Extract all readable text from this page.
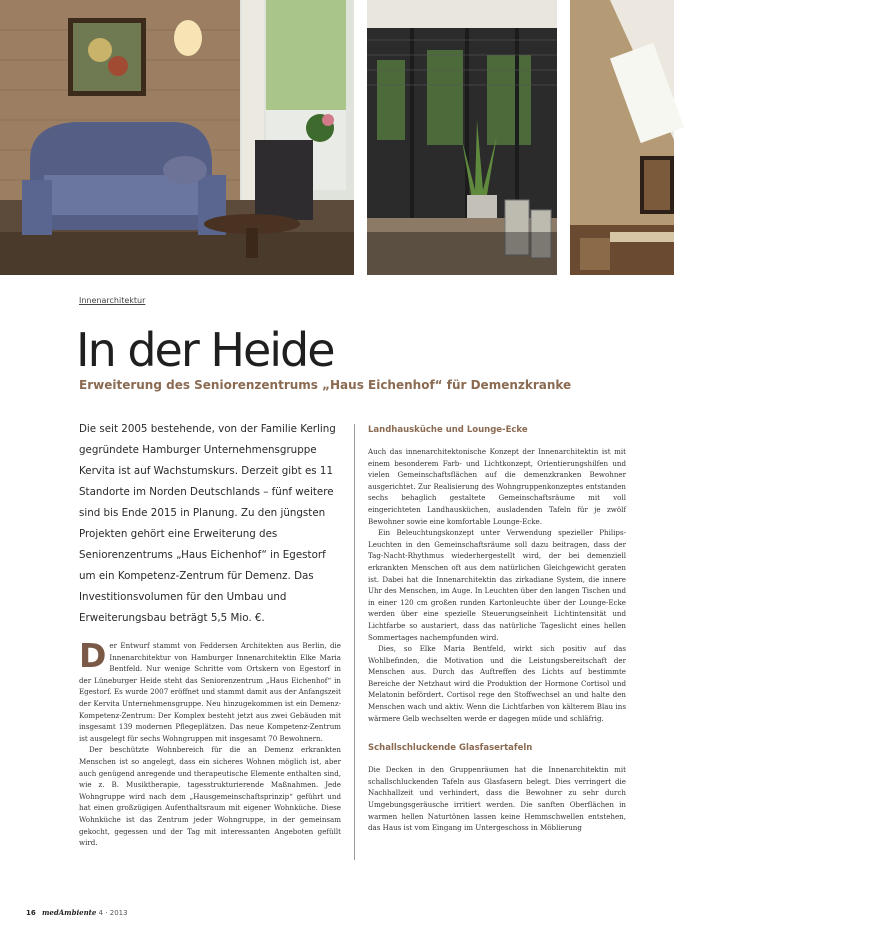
Häuslich eingerichtet, ohne unmodern zu wirken
Innenarchitektur
In der Heide
Erweiterung des Seniorenzentrums „Haus Eichenhof“ für Demenzkranke

Die seit 2005 bestehende, von der Familie Kerling gegründete Hamburger Unternehmensgruppe Kervita ist auf Wachstumskurs. Derzeit gibt es 11 Standorte im Norden Deutschlands – fünf weitere sind bis Ende 2015 in Planung. Zu den jüngsten Projekten gehört eine Erweiterung des Seniorenzentrums „Haus Eichenhof“ in Egestorf um ein Kompetenz-Zentrum für Demenz. Das Investitionsvolumen für den Umbau und Erweiterungsbau beträgt 5,5 Mio. €.

Der Entwurf stammt von Feddersen Architekten aus Berlin, die Innenarchitektur von Hamburger Innenarchitektin Elke Maria Bentfeld. Nur wenige Schritte vom Ortskern von Egestorf in der Lüneburger Heide steht das Seniorenzentrum „Haus Eichenhof“ in Egestorf. Es wurde 2007 eröffnet und stammt damit aus der Anfangszeit der Kervita Unternehmensgruppe. Neu hinzugekommen ist ein Demenz-Kompetenz-Zentrum: Der Komplex besteht jetzt aus zwei Gebäuden mit insgesamt 139 modernen Pflegeplätzen. Das neue Kompetenz-Zentrum ist ausgelegt für sechs Wohngruppen mit insgesamt 70 Bewohnern.

Der beschützte Wohnbereich für die an Demenz erkrankten Menschen ist so angelegt, dass ein sicheres Wohnen möglich ist, aber auch genügend anregende und therapeutische Elemente enthalten sind, wie z. B. Musiktherapie, tagesstrukturierende Maßnahmen. Jede Wohngruppe wird nach dem „Hausgemeinschaftsprinzip“ geführt und hat einen großzügigen Aufenthaltsraum mit eigener Wohnküche. Diese Wohnküche ist das Zentrum jeder Wohngruppe, in der gemeinsam gekocht, gegessen und der Tag mit interessanten Angeboten gefüllt wird.

Landhausküche und Lounge-Ecke

Auch das innenarchitektonische Konzept der Innenarchitektin ist mit einem besonderem Farb- und Lichtkonzept, Orientierungshilfen und vielen Gemeinschaftsflächen auf die demenzkranken Bewohner ausgerichtet. Zur Realisierung des Wohngruppenkonzeptes entstanden sechs behaglich gestaltete Gemeinschaftsräume mit voll eingerichteten Landhausküchen, ausladenden Tafeln für je zwölf Bewohner sowie eine komfortable Lounge-Ecke.

Ein Beleuchtungskonzept unter Verwendung spezieller Philips-Leuchten in den Gemeinschaftsräume soll dazu beitragen, dass der Tag-Nacht-Rhythmus wiederhergestellt wird, der bei demenziell erkrankten Menschen oft aus dem natürlichen Gleichgewicht geraten ist. Dabei hat die Innenarchitektin das zirkadiane System, die innere Uhr des Menschen, im Auge. In Leuchten über den langen Tischen und in einer 120 cm großen runden Kartonleuchte über der Lounge-Ecke werden über eine spezielle Steuerungseinheit Lichtintensität und Lichtfarbe so austariert, dass das natürliche Tageslicht eines hellen Sommertages nachempfunden wird.

Dies, so Elke Maria Bentfeld, wirkt sich positiv auf das Wohlbefinden, die Motivation und die Leistungsbereitschaft der Menschen aus. Durch das Auftreffen des Lichts auf bestimmte Bereiche der Netzhaut wird die Produktion der Hormone Cortisol und Melatonin befördert. Cortisol rege den Stoffwechsel an und halte den Menschen wach und aktiv. Wenn die Lichtfarben von kälterem Blau ins wärmere Gelb wechselten werde er dagegen müde und schläfrig.

Schallschluckende Glasfasertafeln

Die Decken in den Gruppenräumen hat die Innenarchitektin mit schallschluckenden Tafeln aus Glasfasern belegt. Dies verringert die Nachhallzeit und verhindert, dass die Bewohner zu sehr durch Umgebungsgeräusche irritiert werden. Die sanften Oberflächen in warmen hellen Naturtönen lassen keine Hemmschwellen entstehen, das Haus ist vom Eingang im Untergeschoss in Möblierung

16 medAmbiente 4 · 2013
